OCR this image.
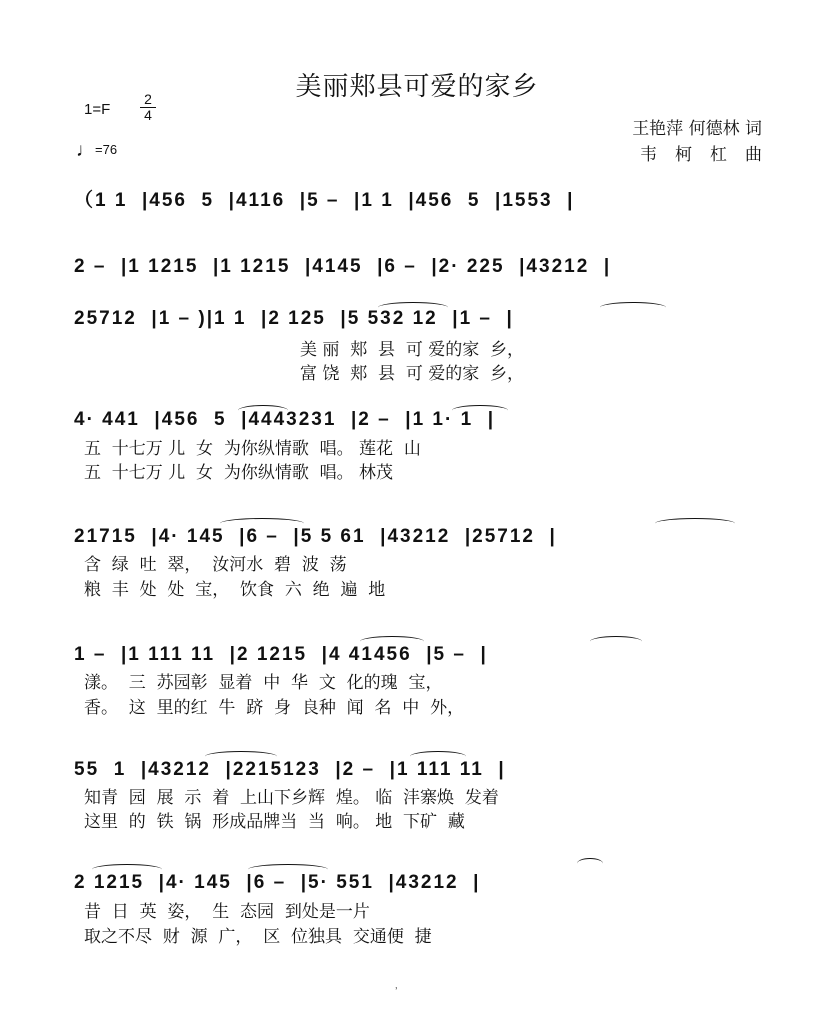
美丽郏县可爱的家乡
$1=F \frac{2}{4}$
♩=76
王艳萍 何德林 词
韦柯杠曲
（1 1  |456  5  |4116  |5 –  |1 1  |456  5  |1553  |
2 –  |1 1215  |1 1215  |4145  |6 –  |2· 225  |43212  |
25712  |1 – )|1 1  |2 125  |5 532 12  |1 –  |
美 丽  郏  县  可 爱的家  乡，
富 饶  郏  县  可 爱的家  乡，
4· 441  |456  5  |4443231  |2 –  |1 1· 1  |
五  十七万 儿  女  为你纵情歌  唱。 莲花  山
五  十七万 儿  女  为你纵情歌  唱。 林茂
21715  |4· 145  |6 –  |5 5 61  |43212  |25712  |
含  绿  吐  翠，  汝河水  碧  波  荡
粮  丰  处  处  宝，  饮食  六  绝  遍  地
1 –  |1 111 11  |2 1215  |4 41456  |5 –  |
漾。  三  苏园彰  显着  中  华  文  化的瑰  宝，
香。  这  里的红  牛  跻  身  良种  闻  名  中  外，
55  1  |43212  |2215123  |2 –  |1 111 11  |
知青  园  展  示  着  上山下乡辉  煌。 临  沣寨焕  发着
这里  的  铁  锅  形成品牌当  当  响。 地  下矿  藏
2 1215  |4· 145  |6 –  |5· 551  |43212  |
昔  日  英  姿，  生  态园  到处是一片
取之不尽  财  源  广，  区  位独具  交通便  捷
，
